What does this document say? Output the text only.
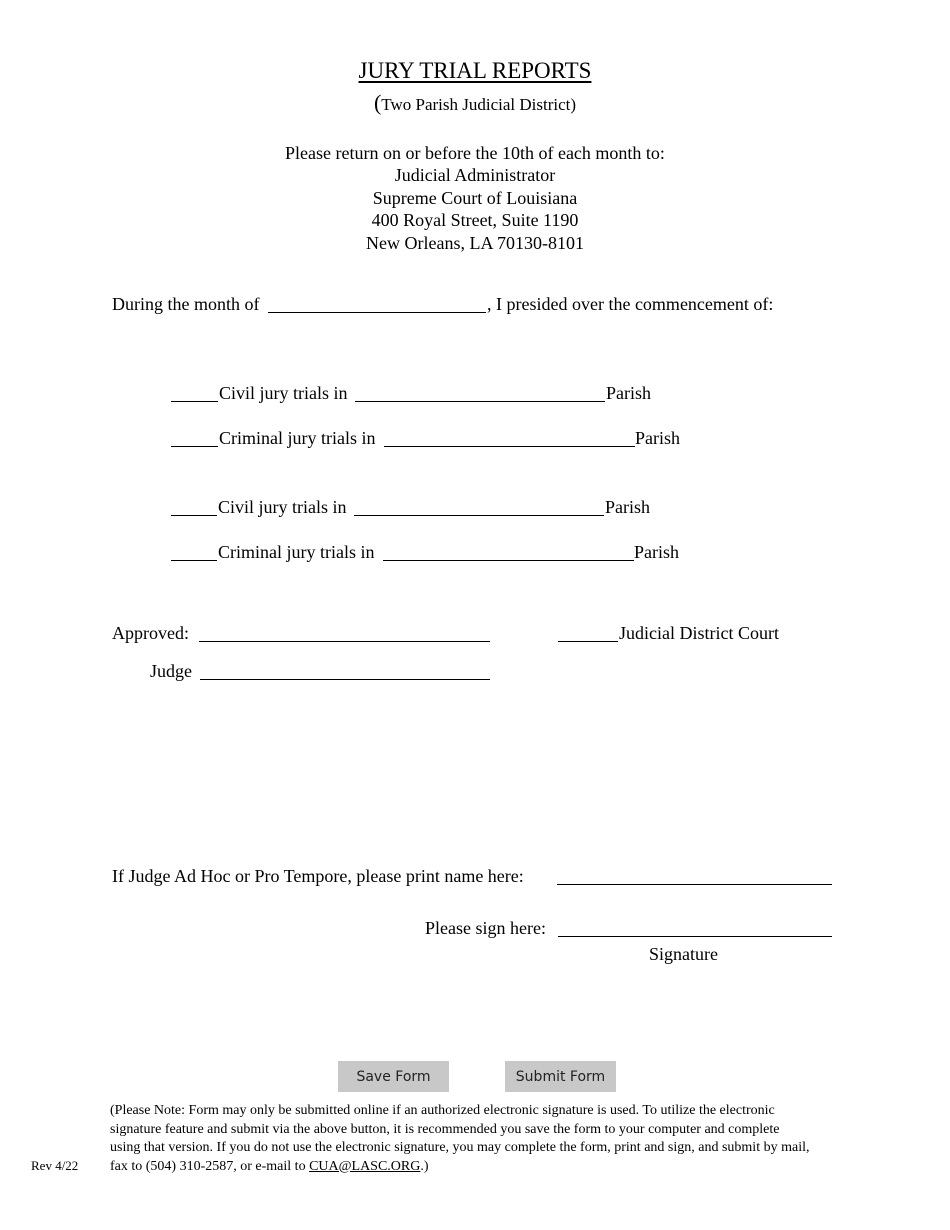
JURY TRIAL REPORTS
(Two Parish Judicial District)
Please return on or before the 10th of each month to:
Judicial Administrator
Supreme Court of Louisiana
400 Royal Street, Suite 1190
New Orleans, LA 70130-8101
During the month of	, I presided over the commencement of:
Civil jury trials in	Parish
Criminal jury trials in	Parish
Civil jury trials in	Parish
Criminal jury trials in	Parish
Approved:	Judicial District Court
Judge
If Judge Ad Hoc or Pro Tempore, please print name here:
Please sign here:
Signature
Save Form	Submit Form
(Please Note: Form may only be submitted online if an authorized electronic signature is used. To utilize the electronic signature feature and submit via the above button, it is recommended you save the form to your computer and complete using that version. If you do not use the electronic signature, you may complete the form, print and sign, and submit by mail, fax to (504) 310-2587, or e-mail to CUA@LASC.ORG.)
Rev 4/22
